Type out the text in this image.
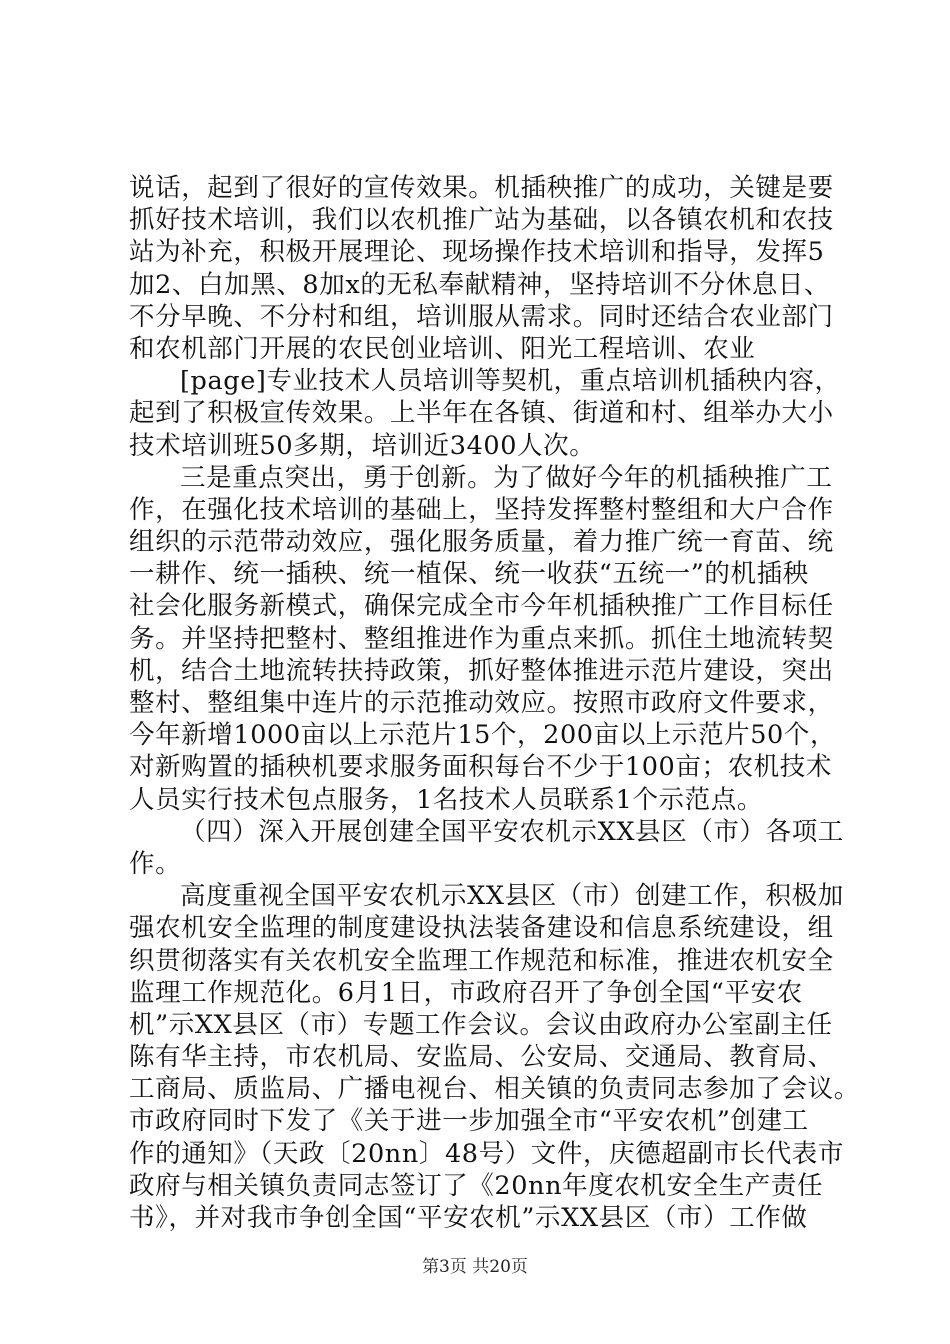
说话，起到了很好的宣传效果。机插秧推广的成功，关键是要
抓好技术培训，我们以农机推广站为基础，以各镇农机和农技
站为补充，积极开展理论、现场操作技术培训和指导，发挥5
加2、白加黑、8加x的无私奉献精神，坚持培训不分休息日、
不分早晚、不分村和组，培训服从需求。同时还结合农业部门
和农机部门开展的农民创业培训、阳光工程培训、农业
[page]专业技术人员培训等契机，重点培训机插秧内容，
起到了积极宣传效果。上半年在各镇、街道和村、组举办大小
技术培训班50多期，培训近3400人次。
三是重点突出，勇于创新。为了做好今年的机插秧推广工
作，在强化技术培训的基础上，坚持发挥整村整组和大户合作
组织的示范带动效应，强化服务质量，着力推广统一育苗、统
一耕作、统一插秧、统一植保、统一收获“五统一”的机插秧
社会化服务新模式，确保完成全市今年机插秧推广工作目标任
务。并坚持把整村、整组推进作为重点来抓。抓住土地流转契
机，结合土地流转扶持政策，抓好整体推进示范片建设，突出
整村、整组集中连片的示范推动效应。按照市政府文件要求，
今年新增1000亩以上示范片15个，200亩以上示范片50个，
对新购置的插秧机要求服务面积每台不少于100亩；农机技术
人员实行技术包点服务，1名技术人员联系1个示范点。
（四）深入开展创建全国平安农机示XX县区（市）各项工
作。
高度重视全国平安农机示XX县区（市）创建工作，积极加
强农机安全监理的制度建设执法装备建设和信息系统建设，组
织贯彻落实有关农机安全监理工作规范和标准，推进农机安全
监理工作规范化。6月1日，市政府召开了争创全国“平安农
机”示XX县区（市）专题工作会议。会议由政府办公室副主任
陈有华主持，市农机局、安监局、公安局、交通局、教育局、
工商局、质监局、广播电视台、相关镇的负责同志参加了会议。
市政府同时下发了《关于进一步加强全市“平安农机”创建工
作的通知》（天政〔20nn〕48号）文件，庆德超副市长代表市
政府与相关镇负责同志签订了《20nn年度农机安全生产责任
书》，并对我市争创全国“平安农机”示XX县区（市）工作做
第3页 共20页
